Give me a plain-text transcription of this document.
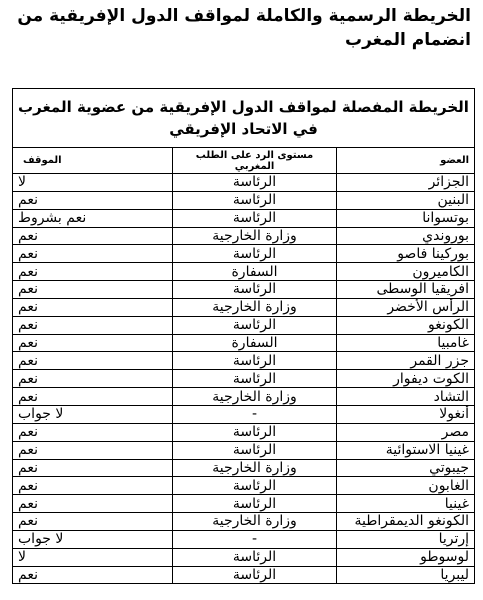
الخريطة الرسمية والكاملة لمواقف الدول الإفريقية من انضمام المغرب
الخريطة المفصلة لمواقف الدول الإفريقية من عضوية المغرب في الاتحاد الإفريقي		
العضو	مستوى الرد على الطلب المغربي	الموقف
الجزائر	الرئاسة	لا
البنين	الرئاسة	نعم
بوتسوانا	الرئاسة	نعم بشروط
بوروندي	وزارة الخارجية	نعم
بوركينا فاصو	الرئاسة	نعم
الكاميرون	السفارة	نعم
افريقيا الوسطى	الرئاسة	نعم
الرأس الأخضر	وزارة الخارجية	نعم
الكونغو	الرئاسة	نعم
غامبيا	السفارة	نعم
جزر القمر	الرئاسة	نعم
الكوت ديفوار	الرئاسة	نعم
التشاد	وزارة الخارجية	نعم
أنغولا	-	لا جواب
مصر	الرئاسة	نعم
غينيا الاستوائية	الرئاسة	نعم
جيبوتي	وزارة الخارجية	نعم
الغابون	الرئاسة	نعم
غينيا	الرئاسة	نعم
الكونغو الديمقراطية	وزارة الخارجية	نعم
إرتريا	-	لا جواب
لوسوطو	الرئاسة	لا
ليبريا	الرئاسة	نعم
